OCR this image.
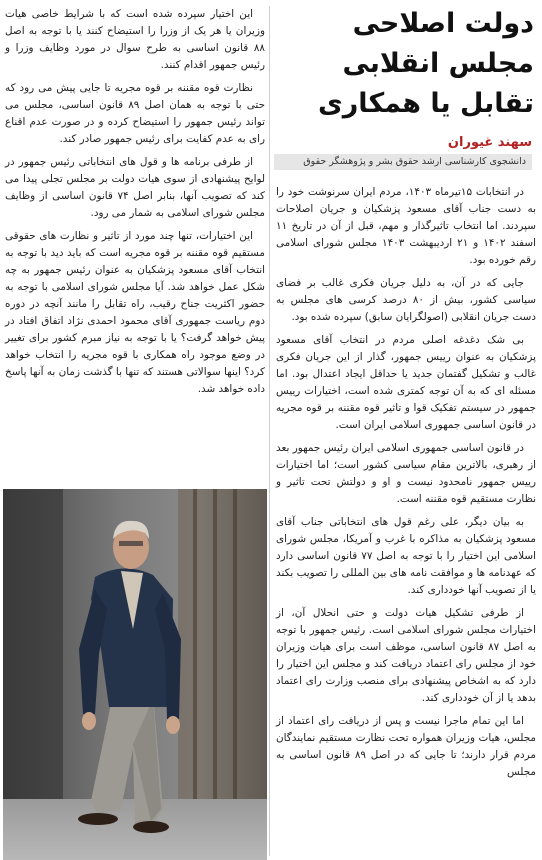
دولت اصلاحی
مجلس انقلابی
تقابل یا همکاری
سهند غیوران
دانشجوی کارشناسی ارشد حقوق بشر و پژوهشگر حقوق

در انتخابات ۱۵تیرماه ۱۴۰۳، مردم ایران سرنوشت خود را به دست جناب آقای مسعود پزشکیان و جریان اصلاحات سپردند. اما انتخاب تاثیرگذار و مهم، قبل از آن در تاریخ ۱۱ اسفند ۱۴۰۲ و ۲۱ اردیبهشت ۱۴۰۳ مجلس شورای اسلامی رقم خورده بود.

جایی که در آن، به دلیل جریان فکری غالب بر فضای سیاسی کشور، بیش از ۸۰ درصد کرسی های مجلس به دست جریان انقلابی (اصولگرایان سابق) سپرده شده بود.

بی شک دغدغه اصلی مردم در انتخاب آقای مسعود پزشکیان به عنوان رییس جمهور، گذار از این جریان فکری غالب و تشکیل گفتمان جدید یا حداقل ایجاد اعتدال بود. اما مسئله ای که به آن توجه کمتری شده است، اختیارات رییس جمهور در سیستم تفکیک قوا و تاثیر قوه مقننه بر قوه مجریه در قانون اساسی جمهوری اسلامی ایران است.

در قانون اساسی جمهوری اسلامی ایران رئیس جمهور بعد از رهبری، بالاترین مقام سیاسی کشور است؛ اما اختیارات رییس جمهور نامحدود نیست و او و دولتش تحت تاثیر و نظارت مستقیم قوه مقننه است.

به بیان دیگر، علی رغم قول های انتخاباتی جناب آقای مسعود پزشکیان به مذاکره با غرب و آمریکا، مجلس شورای اسلامی این اختیار را با توجه به اصل ۷۷ قانون اساسی دارد که عهدنامه ها و موافقت نامه های بین المللی را تصویب بکند یا از تصویب آنها خودداری کند.

از طرفی تشکیل هیات دولت و حتی انحلال آن، از اختیارات مجلس شورای اسلامی است. رئیس جمهور با توجه به اصل ۸۷ قانون اساسی، موظف است برای هیات وزیران خود از مجلس رای اعتماد دریافت کند و مجلس این اختیار را دارد که به اشخاص پیشنهادی برای منصب وزارت رای اعتماد بدهد یا از آن خودداری کند.

اما این تمام ماجرا نیست و پس از دریافت رای اعتماد از مجلس، هیات وزیران همواره تحت نظارت مستقیم نمایندگان مردم قرار دارند؛ تا جایی که در اصل ۸۹ قانون اساسی به مجلس

این اختیار سپرده شده است که با شرایط خاصی هیات وزیران یا هر یک از وزرا را استیضاح کنند یا با توجه به اصل ۸۸ قانون اساسی به طرح سوال در مورد وظایف وزرا و رئیس جمهور اقدام کنند.

نظارت قوه مقننه بر قوه مجریه تا جایی پیش می رود که حتی با توجه به همان اصل ۸۹ قانون اساسی، مجلس می تواند رئیس جمهور را استیضاح کرده و در صورت عدم اقناع رای به عدم کفایت برای رئیس جمهور صادر کند.

از طرفی برنامه ها و قول های انتخاباتی رئیس جمهور در لوایح پیشنهادی از سوی هیات دولت بر مجلس تجلی پیدا می کند که تصویب آنها، بنابر اصل ۷۴ قانون اساسی از وظایف مجلس شورای اسلامی به شمار می رود.

این اختیارات، تنها چند مورد از تاثیر و نظارت های حقوقی مستقیم قوه مقننه بر قوه مجریه است که باید دید با توجه به انتخاب آقای مسعود پزشکیان به عنوان رئیس جمهور به چه شکل عمل خواهد شد. آیا مجلس شورای اسلامی با توجه به حضور اکثریت جناح رقیب، راه تقابل را مانند آنچه در دوره دوم ریاست جمهوری آقای محمود احمدی نژاد اتفاق افتاد در پیش خواهد گرفت؟ یا با توجه به نیاز مبرم کشور برای تغییر در وضع موجود راه همکاری با قوه مجریه را انتخاب خواهد کرد؟ اینها سوالاتی هستند که تنها با گذشت زمان به آنها پاسخ داده خواهد شد.
